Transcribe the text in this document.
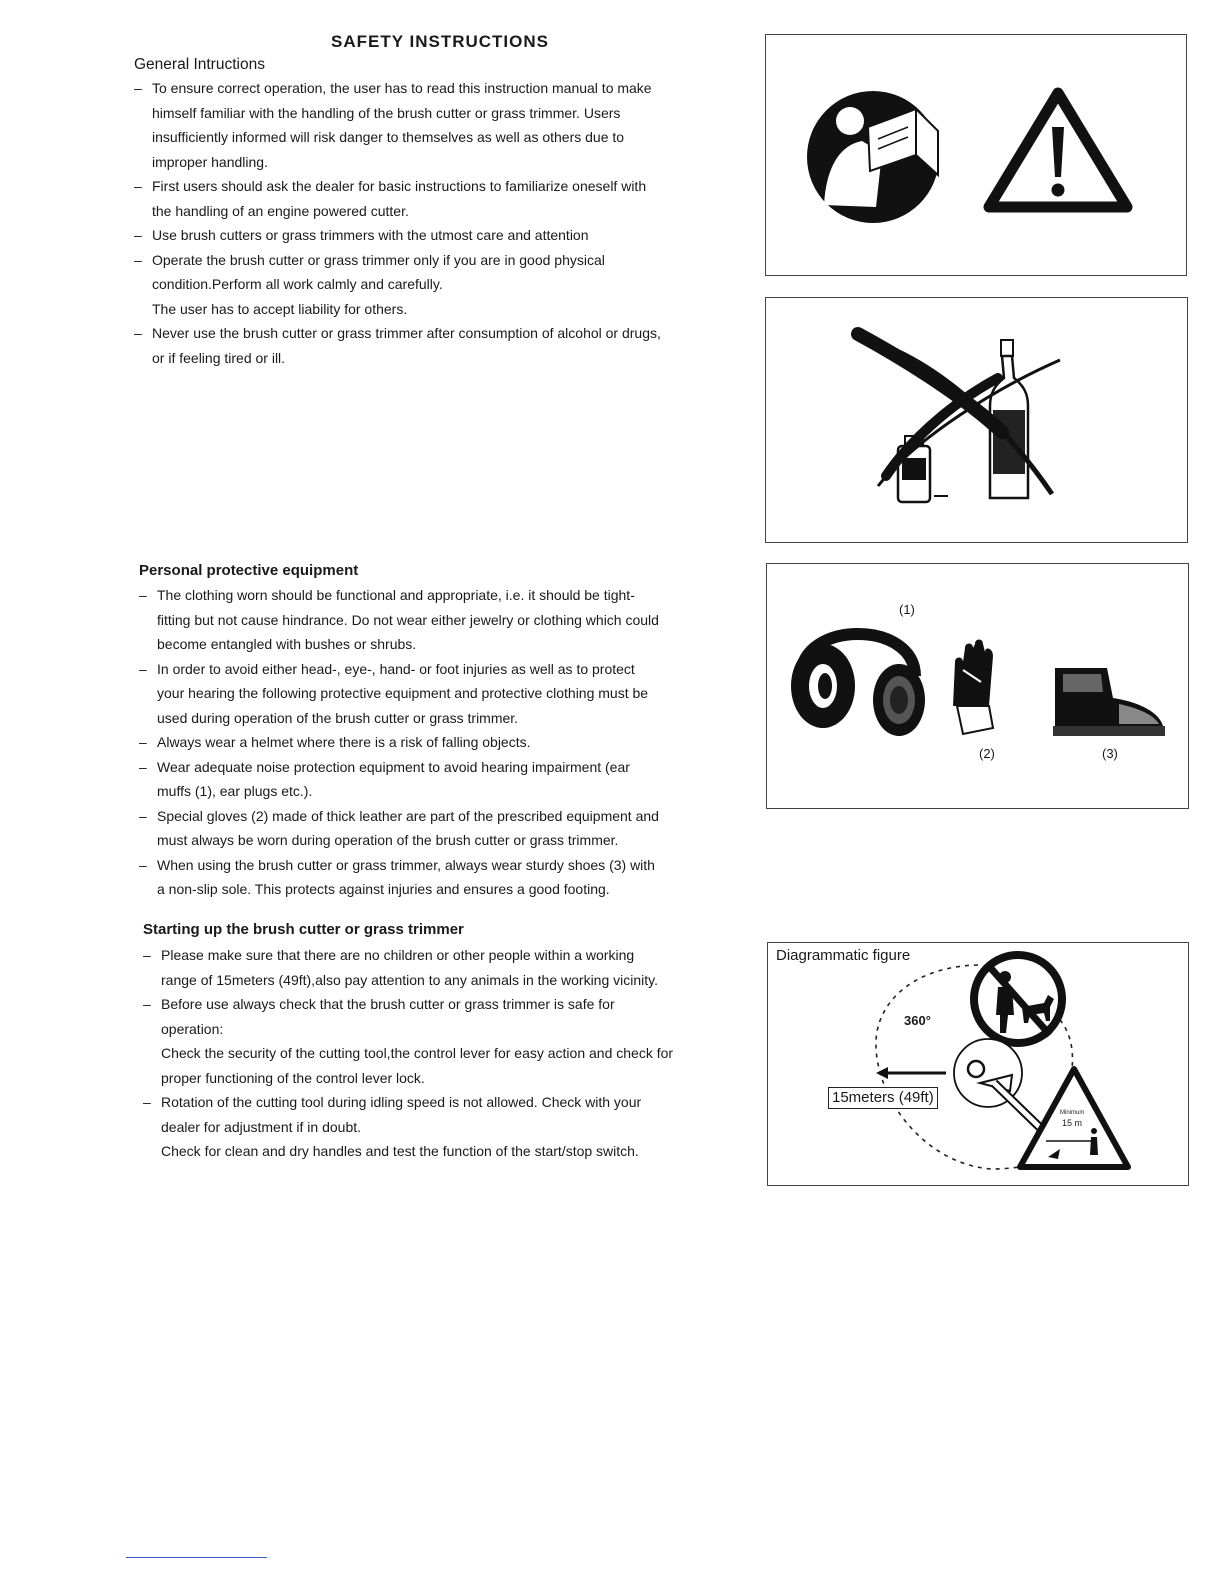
SAFETY INSTRUCTIONS
General Intructions
– To ensure correct operation, the user has to read this instruction manual to make
himself familiar with the handling of the brush cutter or grass trimmer. Users
insufficiently informed will risk danger to themselves as well as others due to
improper handling.
– First users should ask the dealer for basic instructions to familiarize oneself with
the handling of an engine powered cutter.
– Use brush cutters or grass trimmers with the utmost care and attention
– Operate the brush cutter or grass trimmer only if you are in good physical
condition.Perform all work calmly and carefully.
The user has to accept liability for others.
– Never use the brush cutter or grass trimmer after consumption of alcohol or drugs,
or if feeling tired or ill.
Personal protective equipment
– The clothing worn should be functional and appropriate, i.e. it should be tight-
fitting but not cause hindrance. Do not wear either jewelry or clothing which could
become entangled with bushes or shrubs.
– In order to avoid either head-, eye-, hand- or foot injuries as well as to protect
your hearing the following protective equipment and protective clothing must be
used during operation of the brush cutter or grass trimmer.
– Always wear a helmet where there is a risk of falling objects.
– Wear adequate noise protection equipment to avoid hearing impairment (ear
muffs (1), ear plugs etc.).
– Special gloves (2) made of thick leather are part of the prescribed equipment and
must always be worn during operation of the brush cutter or grass trimmer.
– When using the brush cutter or grass trimmer, always wear sturdy shoes (3) with
a non-slip sole. This protects against injuries and ensures a good footing.
Starting up the brush cutter or grass trimmer
– Please make sure that there are no children or other people within a working
range of 15meters (49ft),also pay attention to any animals in the working vicinity.
– Before use always check that the brush cutter or grass trimmer is safe for
operation:
Check the security of the cutting tool,the control lever for easy action and check for
proper functioning of the control lever lock.
– Rotation of the cutting tool during idling speed is not allowed. Check with your
dealer for adjustment if in doubt.
Check for clean and dry handles and test the function of the start/stop switch.
(1)
(2)	(3)
Diagrammatic figure
360°
15meters (49ft)
Minimum
15 m
